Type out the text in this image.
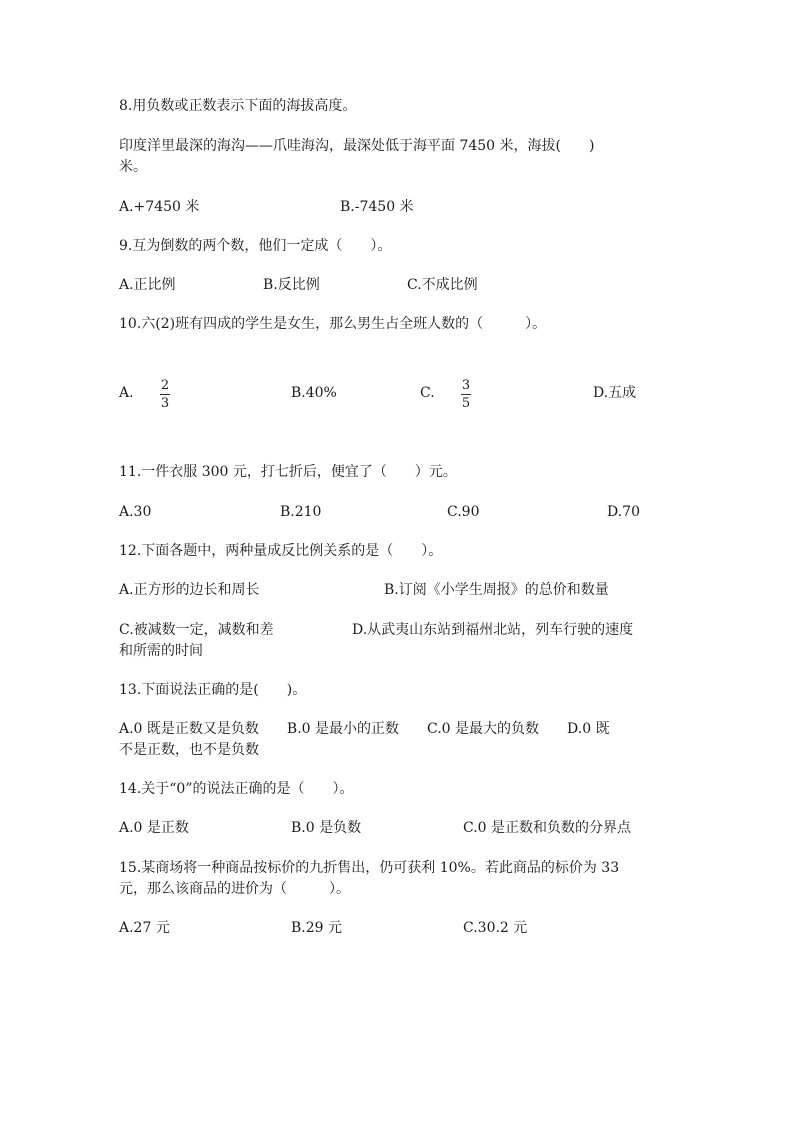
8.用负数或正数表示下面的海拔高度。
印度洋里最深的海沟——爪哇海沟，最深处低于海平面 7450 米，海拔(　　)
米。
A.+7450 米	B.-7450 米
9.互为倒数的两个数，他们一定成（　　）。
A.正比例	B.反比例	C.不成比例
10.六(2)班有四成的学生是女生，那么男生占全班人数的（　　　）。
A. 2
3
B.40%	C. 3
5
D.五成
11.一件衣服 300 元，打七折后，便宜了（　　）元。
A.30	B.210	C.90	D.70
12.下面各题中，两种量成反比例关系的是（　　）。
A.正方形的边长和周长	B.订阅《小学生周报》的总价和数量
C.被减数一定，减数和差	D.从武夷山东站到福州北站，列车行驶的速度
和所需的时间
13.下面说法正确的是(　　)。
A.0 既是正数又是负数　　B.0 是最小的正数　　C.0 是最大的负数　　D.0 既
不是正数，也不是负数
14.关于“0”的说法正确的是（　　）。
A.0 是正数	B.0 是负数	C.0 是正数和负数的分界点
15.某商场将一种商品按标价的九折售出，仍可获利 10%。若此商品的标价为 33
元，那么该商品的进价为（　　　）。
A.27 元	B.29 元	C.30.2 元
